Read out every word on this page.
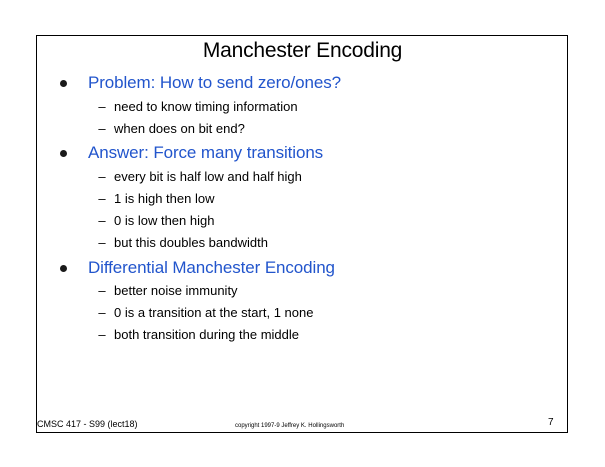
Manchester Encoding
Problem: How to send zero/ones?
– need to know timing information
– when does on bit end?
Answer: Force many transitions
– every bit is half low and half high
– 1 is high then low
– 0 is low then high
– but this doubles bandwidth
Differential Manchester Encoding
– better noise immunity
– 0 is a transition at the start, 1 none
– both transition during the middle
CMSC 417 - S99 (lect18)	copyright 1997-9 Jeffrey K. Hollingsworth	7
